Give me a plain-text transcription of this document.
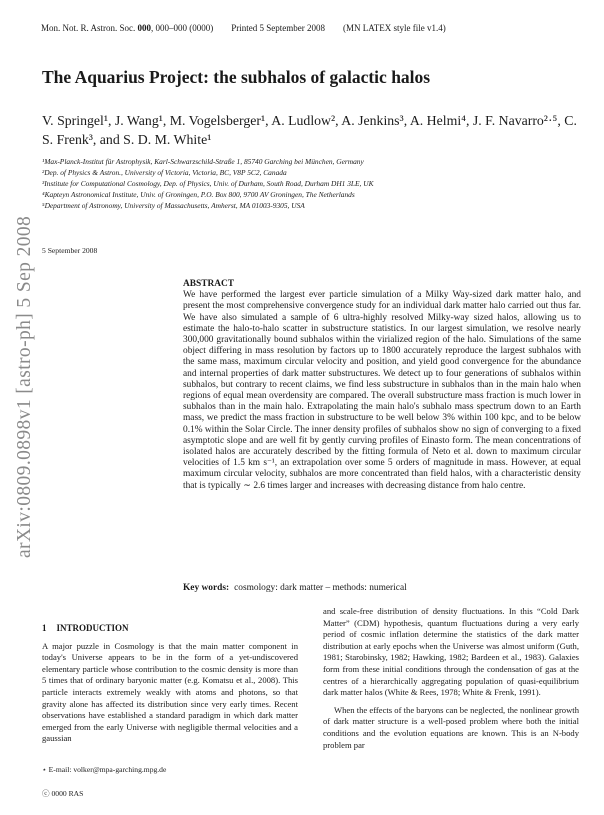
Mon. Not. R. Astron. Soc. 000, 000–000 (0000) Printed 5 September 2008 (MN LATEX style file v1.4)
arXiv:0809.0898v1 [astro-ph] 5 Sep 2008
The Aquarius Project: the subhalos of galactic halos
V. Springel¹, J. Wang¹, M. Vogelsberger¹, A. Ludlow², A. Jenkins³, A. Helmi⁴, J. F. Navarro²·⁵, C. S. Frenk³, and S. D. M. White¹
¹Max-Planck-Institut für Astrophysik, Karl-Schwarzschild-Straße 1, 85740 Garching bei München, Germany
²Dep. of Physics & Astron., University of Victoria, Victoria, BC, V8P 5C2, Canada
³Institute for Computational Cosmology, Dep. of Physics, Univ. of Durham, South Road, Durham DH1 3LE, UK
⁴Kapteyn Astronomical Institute, Univ. of Groningen, P.O. Box 800, 9700 AV Groningen, The Netherlands
⁵Department of Astronomy, University of Massachusetts, Amherst, MA 01003-9305, USA
5 September 2008
ABSTRACT

We have performed the largest ever particle simulation of a Milky Way-sized dark matter halo, and present the most comprehensive convergence study for an individual dark matter halo carried out thus far. We have also simulated a sample of 6 ultra-highly resolved Milky-way sized halos, allowing us to estimate the halo-to-halo scatter in substructure statistics. In our largest simulation, we resolve nearly 300,000 gravitationally bound subhalos within the virialized region of the halo. Simulations of the same object differing in mass resolution by factors up to 1800 accurately reproduce the largest subhalos with the same mass, maximum circular velocity and position, and yield good convergence for the abundance and internal properties of dark matter substructures. We detect up to four generations of subhalos within subhalos, but contrary to recent claims, we find less substructure in subhalos than in the main halo when regions of equal mean overdensity are compared. The overall substructure mass fraction is much lower in subhalos than in the main halo. Extrapolating the main halo's subhalo mass spectrum down to an Earth mass, we predict the mass fraction in substructure to be well below 3% within 100 kpc, and to be below 0.1% within the Solar Circle. The inner density profiles of subhalos show no sign of converging to a fixed asymptotic slope and are well fit by gently curving profiles of Einasto form. The mean concentrations of isolated halos are accurately described by the fitting formula of Neto et al. down to maximum circular velocities of 1.5 km s⁻¹, an extrapolation over some 5 orders of magnitude in mass. However, at equal maximum circular velocity, subhalos are more concentrated than field halos, with a characteristic density that is typically ∼ 2.6 times larger and increases with decreasing distance from halo centre.

Key words: cosmology: dark matter – methods: numerical
1 INTRODUCTION

A major puzzle in Cosmology is that the main matter component in today's Universe appears to be in the form of a yet-undiscovered elementary particle whose contribution to the cosmic density is more than 5 times that of ordinary baryonic matter (e.g. Komatsu et al., 2008). This particle interacts extremely weakly with atoms and photons, so that gravity alone has affected its distribution since very early times. Recent observations have established a standard paradigm in which dark matter emerged from the early Universe with negligible thermal velocities and a gaussian

and scale-free distribution of density fluctuations. In this “Cold Dark Matter” (CDM) hypothesis, quantum fluctuations during a very early period of cosmic inflation determine the statistics of the dark matter distribution at early epochs when the Universe was almost uniform (Guth, 1981; Starobinsky, 1982; Hawking, 1982; Bardeen et al., 1983). Galaxies form from these initial conditions through the condensation of gas at the centres of a hierarchically aggregating population of quasi-equilibrium dark matter halos (White & Rees, 1978; White & Frenk, 1991).

When the effects of the baryons can be neglected, the nonlinear growth of dark matter structure is a well-posed problem where both the initial conditions and the evolution equations are known. This is an N-body problem par

⋆ E-mail: volker@mpa-garching.mpg.de
ⓒ 0000 RAS
